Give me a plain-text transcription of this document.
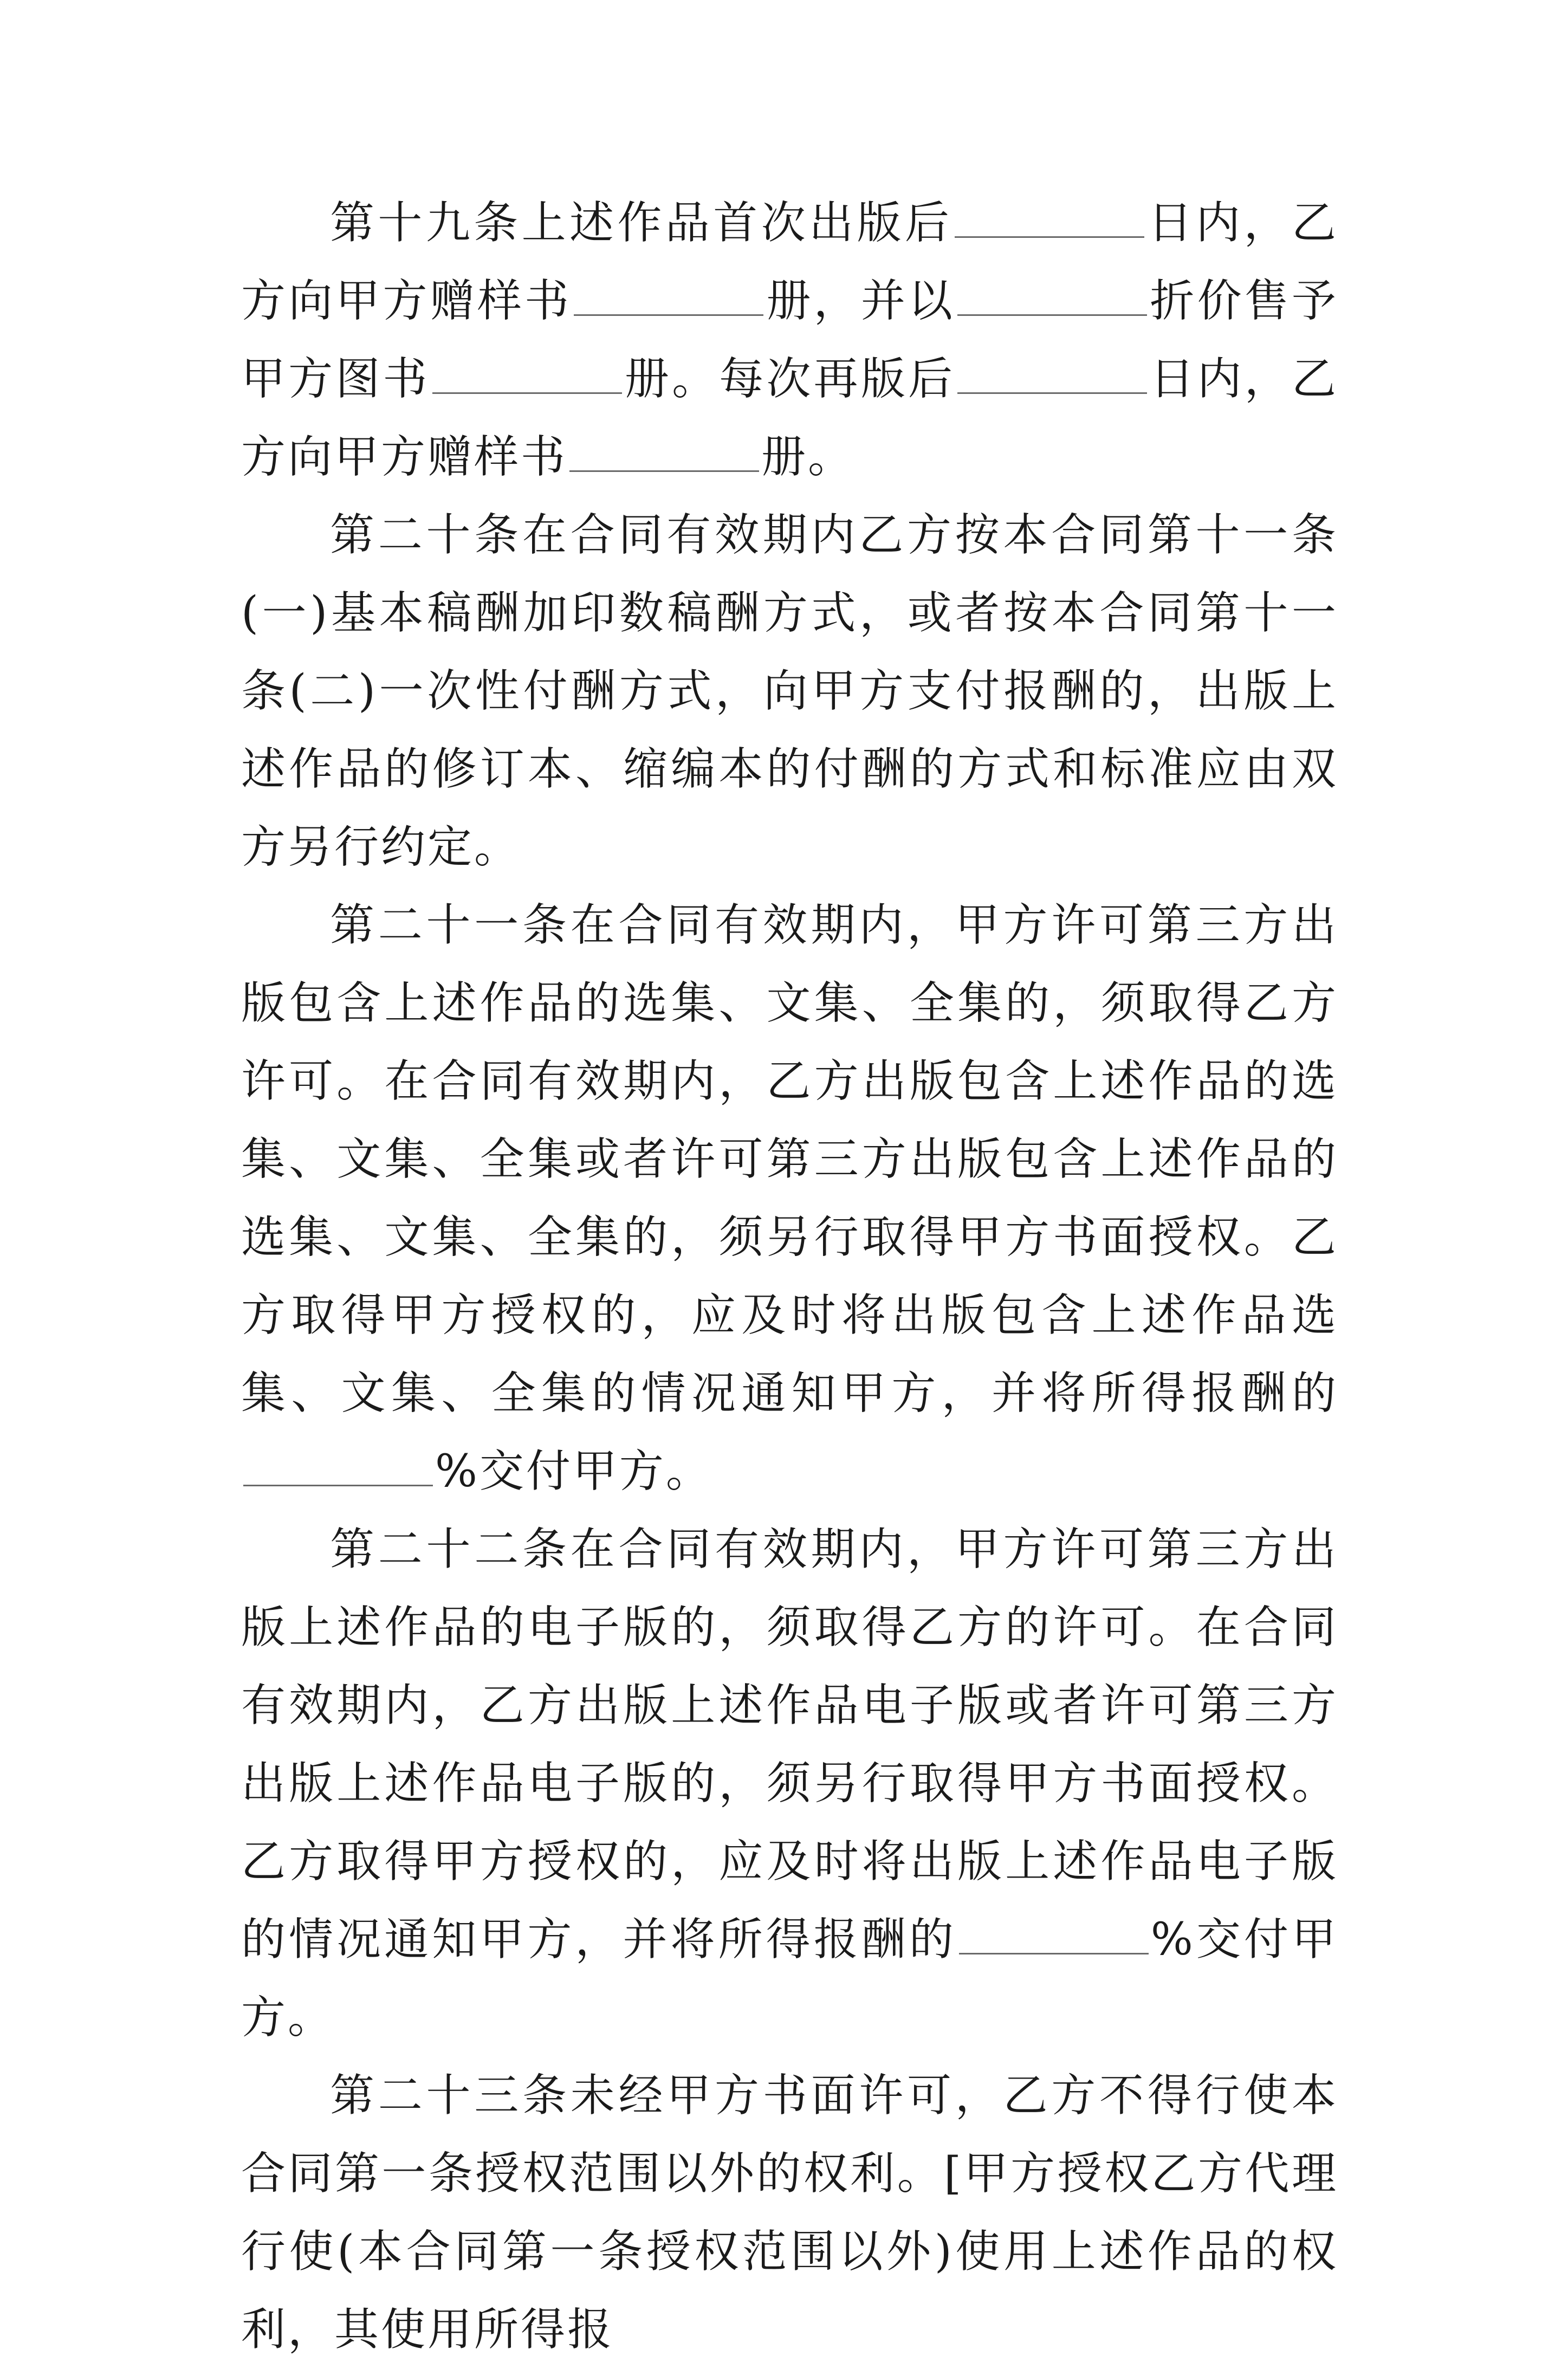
第十九条上述作品首次出版后	日内，乙方向甲方赠样书	册，并以	折价售予甲方图书	册。每次再版后	日内，乙方向甲方赠样书	册。

第二十条在合同有效期内乙方按本合同第十一条(一)基本稿酬加印数稿酬方式，或者按本合同第十一条(二)一次性付酬方式，向甲方支付报酬的，出版上述作品的修订本、缩编本的付酬的方式和标准应由双方另行约定。

第二十一条在合同有效期内，甲方许可第三方出版包含上述作品的选集、文集、全集的，须取得乙方许可。在合同有效期内，乙方出版包含上述作品的选集、文集、全集或者许可第三方出版包含上述作品的选集、文集、全集的，须另行取得甲方书面授权。乙方取得甲方授权的，应及时将出版包含上述作品选集、文集、全集的情况通知甲方，并将所得报酬的%交付甲方。

第二十二条在合同有效期内，甲方许可第三方出版上述作品的电子版的，须取得乙方的许可。在合同有效期内，乙方出版上述作品电子版或者许可第三方出版上述作品电子版的，须另行取得甲方书面授权。乙方取得甲方授权的，应及时将出版上述作品电子版的情况通知甲方，并将所得报酬的	%交付甲方。

第二十三条未经甲方书面许可，乙方不得行使本合同第一条授权范围以外的权利。[甲方授权乙方代理行使(本合同第一条授权范围以外)使用上述作品的权利，其使用所得报
